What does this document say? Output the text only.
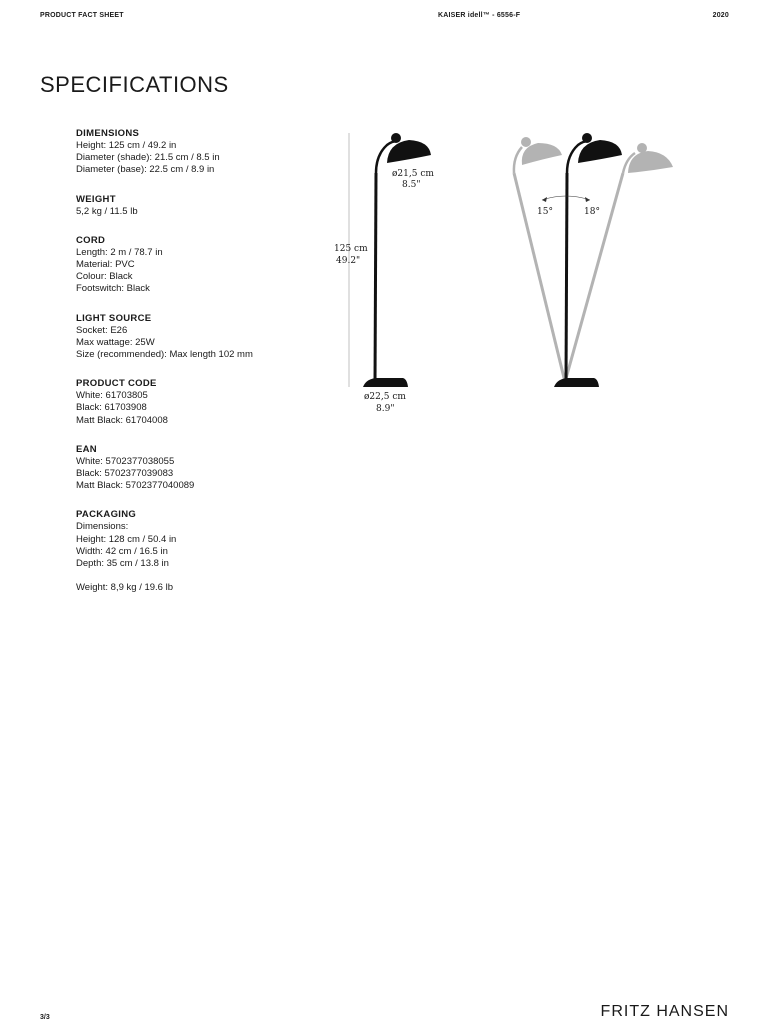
PRODUCT FACT SHEET	KAISER idell™ - 6556-F	2020
SPECIFICATIONS
DIMENSIONS
Height: 125 cm / 49.2 in
Diameter (shade): 21.5 cm / 8.5 in
Diameter (base): 22.5 cm / 8.9 in
WEIGHT
5,2 kg / 11.5 lb
CORD
Length: 2 m / 78.7 in
Material: PVC
Colour: Black
Footswitch: Black
LIGHT SOURCE
Socket: E26
Max wattage: 25W
Size (recommended): Max length 102 mm
PRODUCT CODE
White: 61703805
Black: 61703908
Matt Black: 61704008
EAN
White: 5702377038055
Black: 5702377039083
Matt Black: 5702377040089
PACKAGING
Dimensions:
Height: 128 cm / 50.4 in
Width: 42 cm / 16.5 in
Depth: 35 cm / 13.8 in
Weight: 8,9 kg / 19.6 lb
ø21,5 cm
8.5"
125 cm
49.2"
ø22,5 cm
8.9"
15°	18°
3/3	FRITZ HANSEN
